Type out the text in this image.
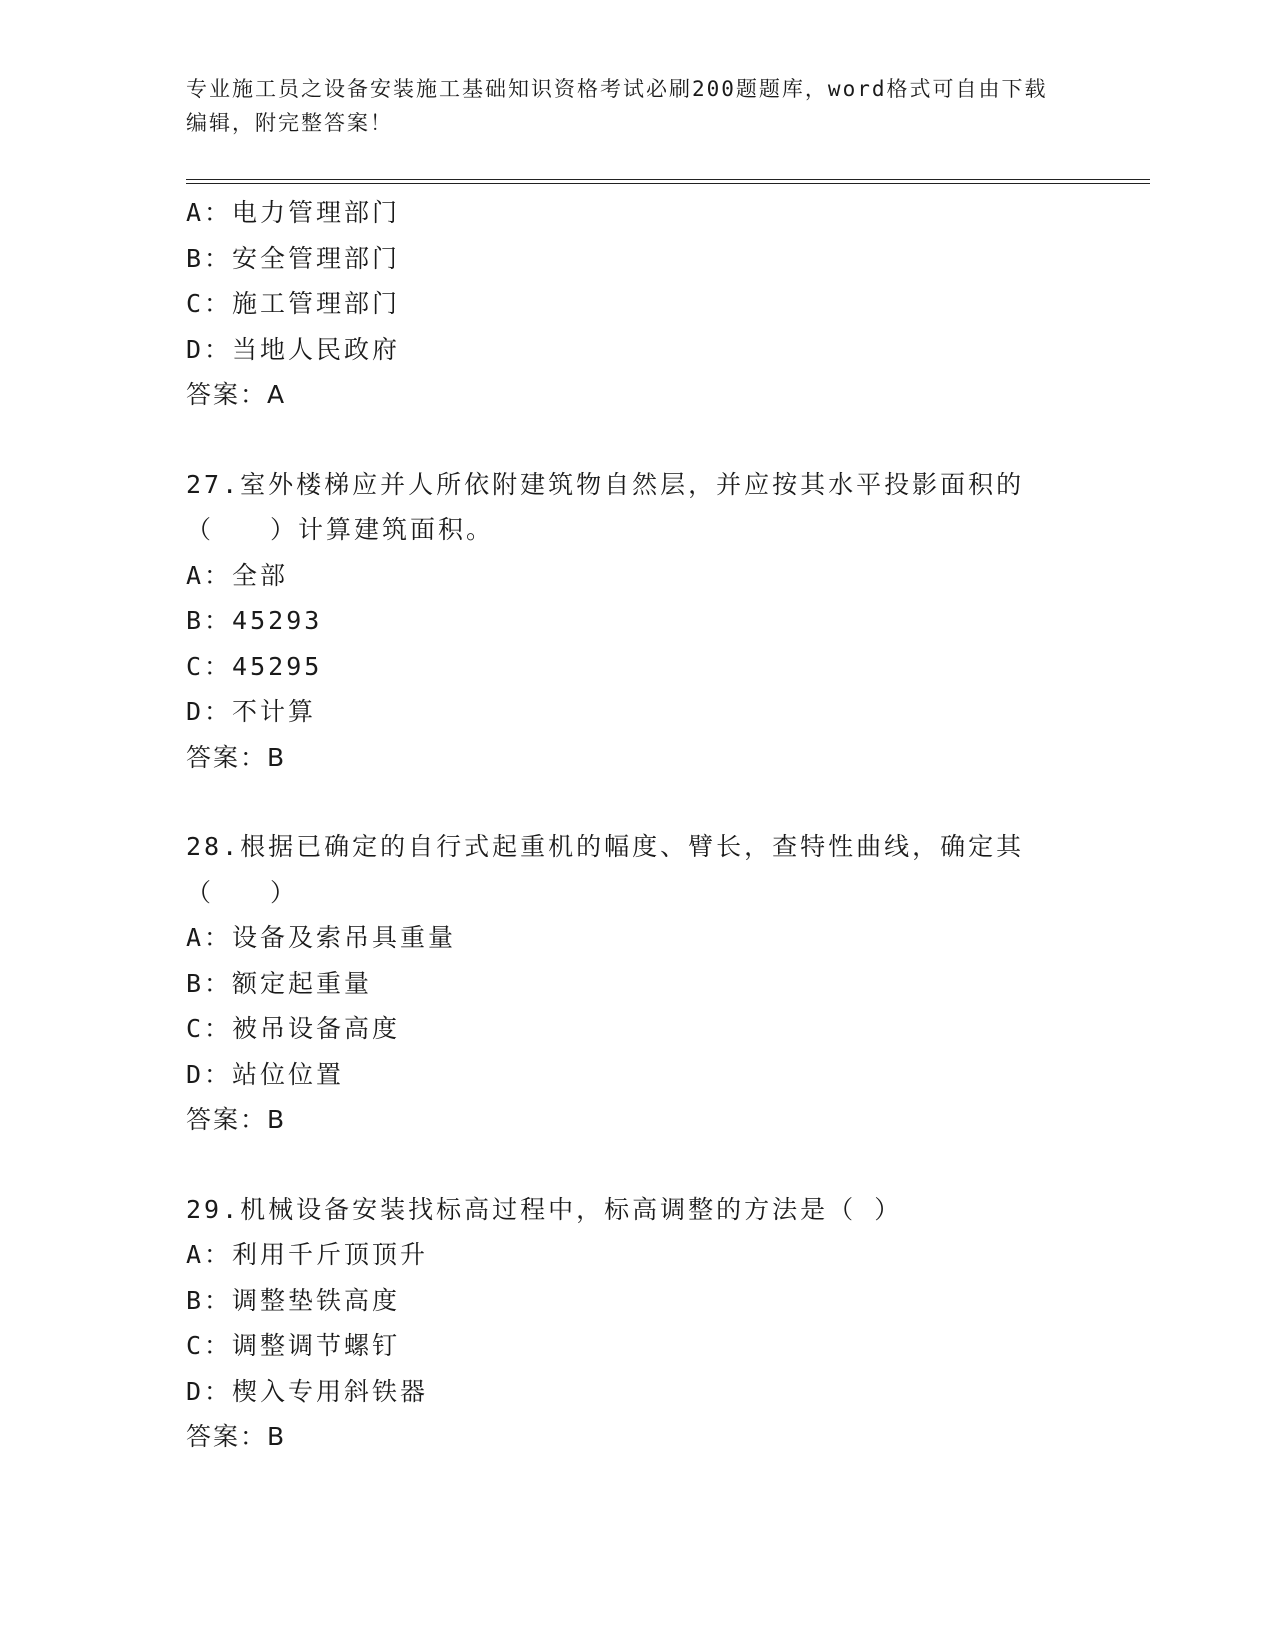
专业施工员之设备安装施工基础知识资格考试必刷200题题库，word格式可自由下载编辑，附完整答案！
A：电力管理部门
B：安全管理部门
C：施工管理部门
D：当地人民政府
答案：A
27.室外楼梯应并人所依附建筑物自然层，并应按其水平投影面积的（　　）计算建筑面积。
A：全部
B：45293
C：45295
D：不计算
答案：B
28.根据已确定的自行式起重机的幅度、臂长，查特性曲线，确定其（　　）
A：设备及索吊具重量
B：额定起重量
C：被吊设备高度
D：站位位置
答案：B
29.机械设备安装找标高过程中，标高调整的方法是（ ）
A：利用千斤顶顶升
B：调整垫铁高度
C：调整调节螺钉
D：楔入专用斜铁器
答案：B
